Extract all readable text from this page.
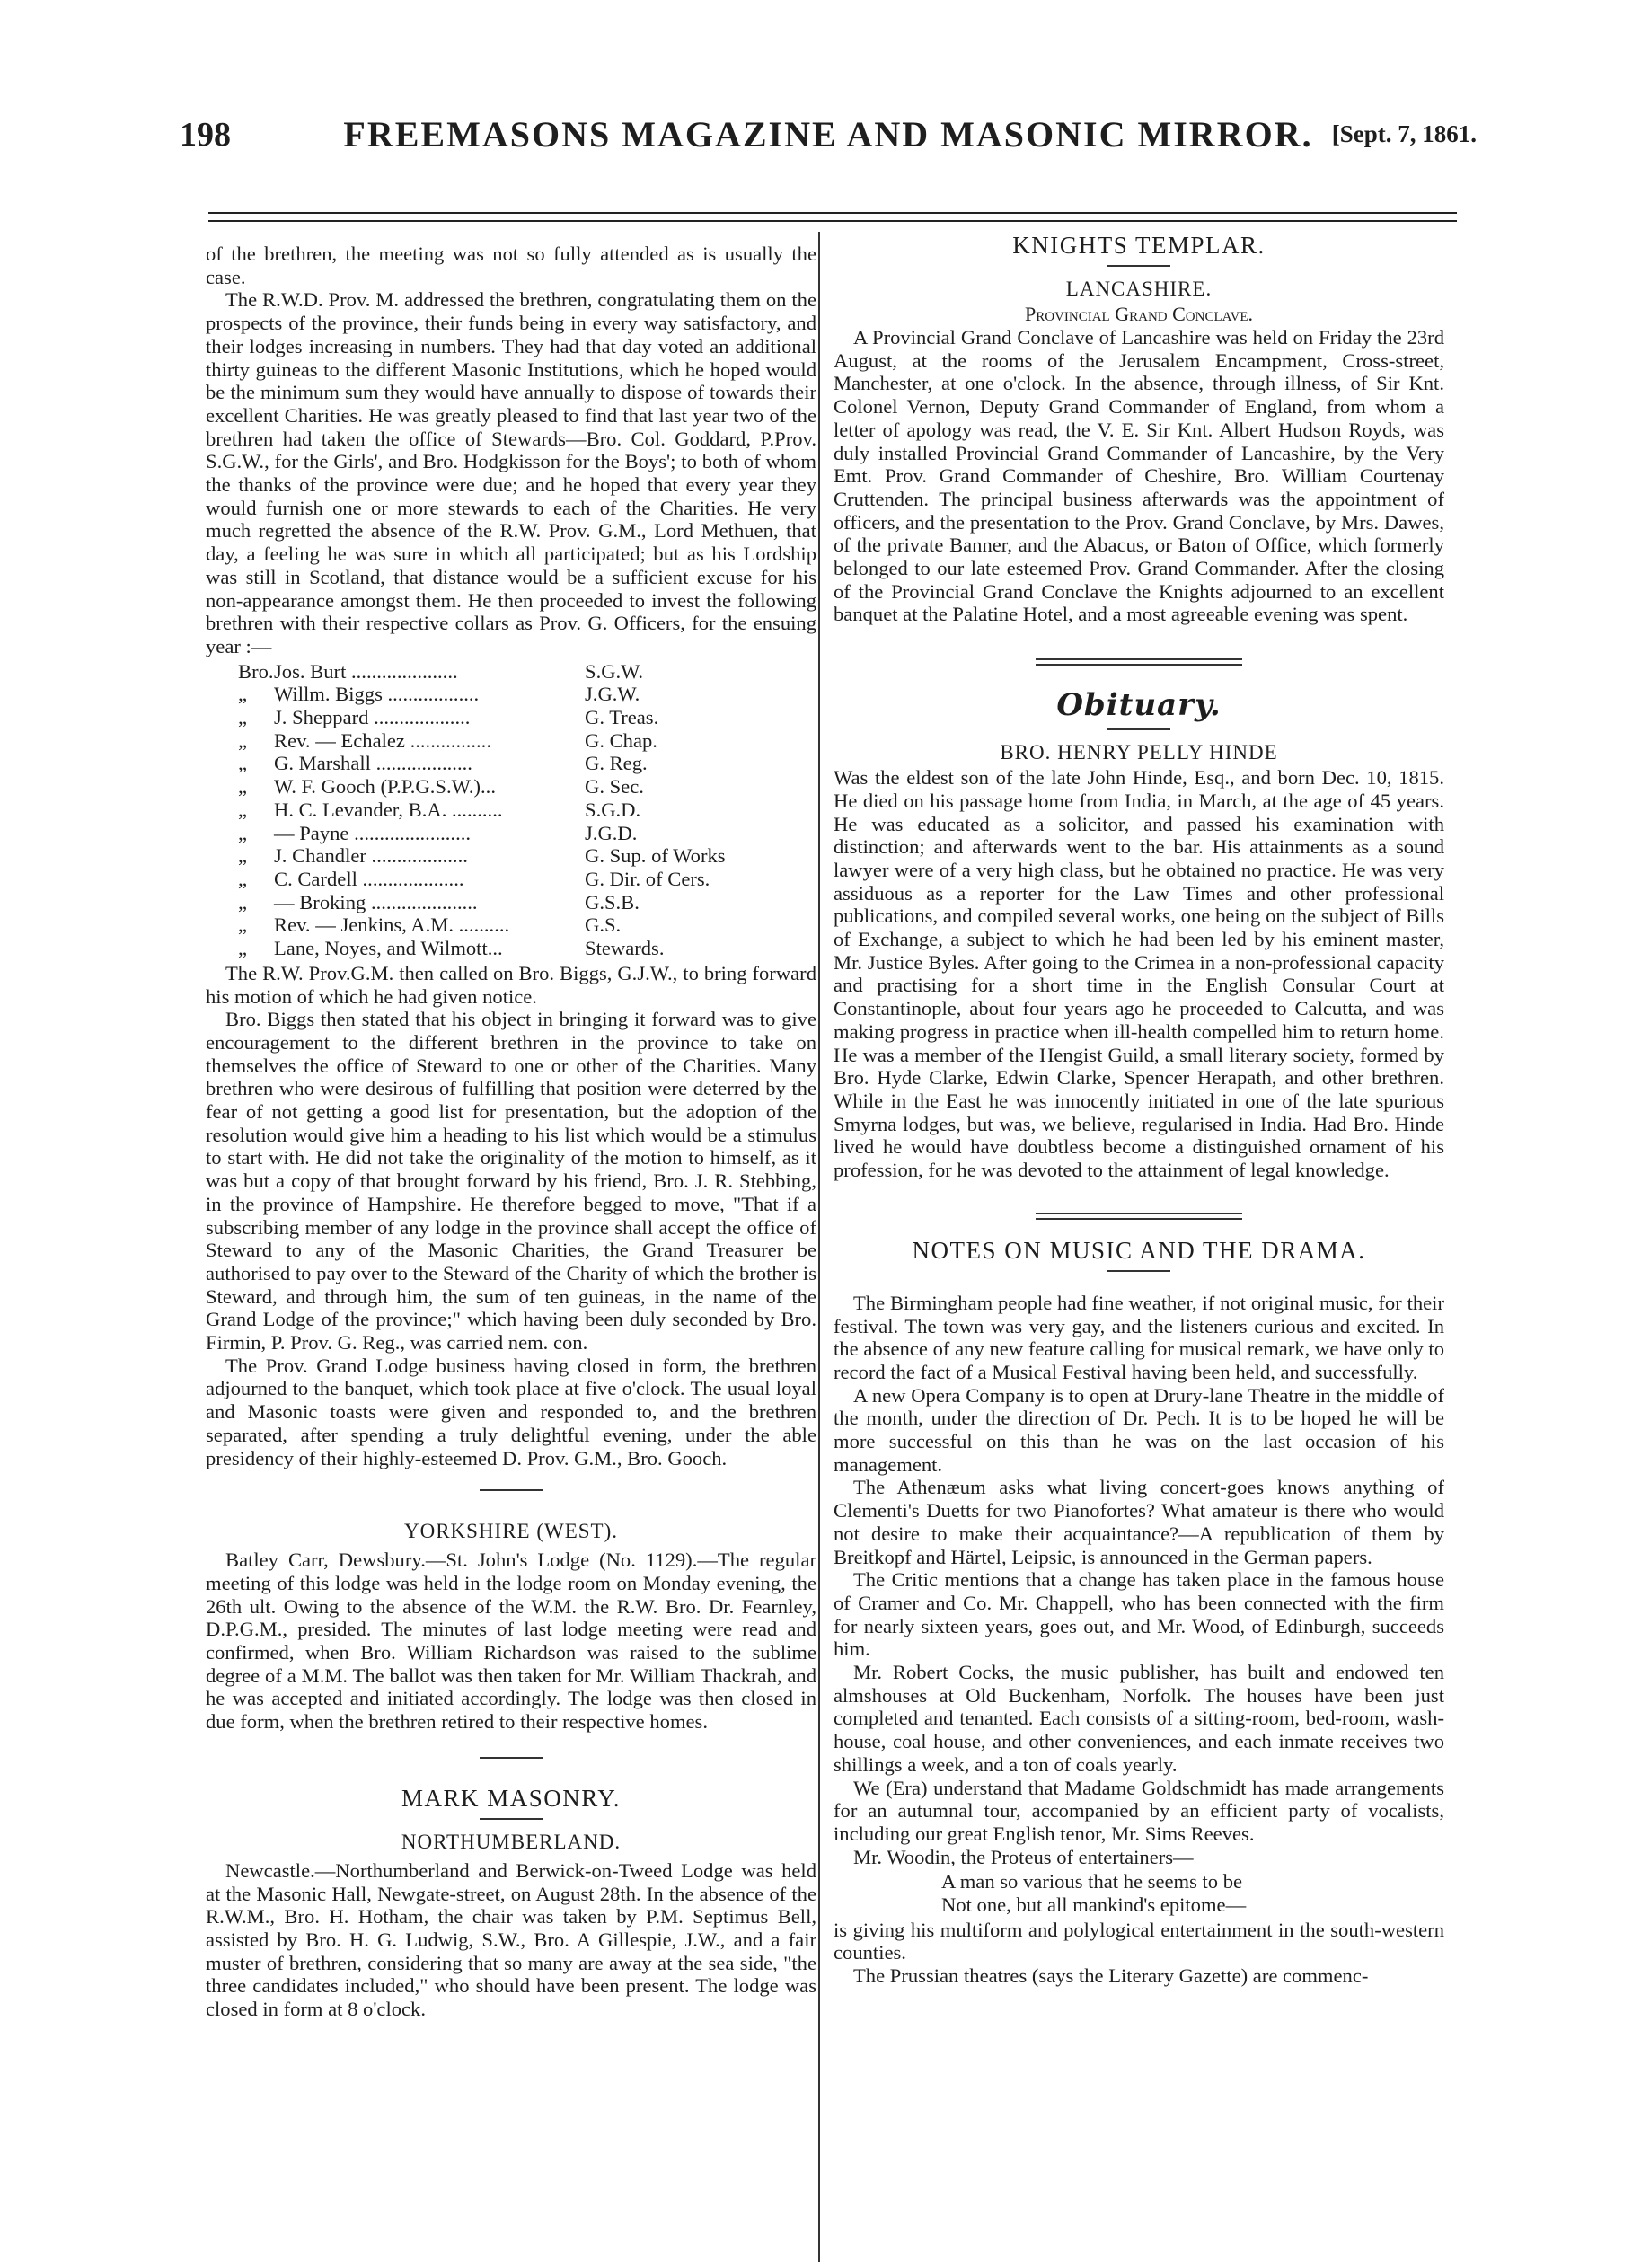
198	FREEMASONS MAGAZINE AND MASONIC MIRROR. [Sept. 7, 1861.

of the brethren, the meeting was not so fully attended as is usually the case.

The R.W.D. Prov. M. addressed the brethren, congratulating them on the prospects of the province, their funds being in every way satisfactory, and their lodges increasing in numbers. They had that day voted an additional thirty guineas to the different Masonic Institutions, which he hoped would be the minimum sum they would have annually to dispose of towards their excellent Charities. He was greatly pleased to find that last year two of the brethren had taken the office of Stewards—Bro. Col. Goddard, P.Prov. S.G.W., for the Girls', and Bro. Hodgkisson for the Boys'; to both of whom the thanks of the province were due; and he hoped that every year they would furnish one or more stewards to each of the Charities. He very much regretted the absence of the R.W. Prov. G.M., Lord Methuen, that day, a feeling he was sure in which all participated; but as his Lordship was still in Scotland, that distance would be a sufficient excuse for his non-appearance amongst them. He then proceeded to invest the following brethren with their respective collars as Prov. G. Officers, for the ensuing year :—

Bro.	Jos. Burt .....................	S.G.W.
„	Willm. Biggs ..................	J.G.W.
„	J. Sheppard ...................	G. Treas.
„	Rev. — Echalez ................	G. Chap.
„	G. Marshall ...................	G. Reg.
„	W. F. Gooch (P.P.G.S.W.)...	G. Sec.
„	H. C. Levander, B.A. ..........	S.G.D.
„	— Payne .......................	J.G.D.
„	J. Chandler ...................	G. Sup. of Works
„	C. Cardell ....................	G. Dir. of Cers.
„	— Broking .....................	G.S.B.
„	Rev. — Jenkins, A.M. ..........	G.S.
„	Lane, Noyes, and Wilmott...	Stewards.

The R.W. Prov.G.M. then called on Bro. Biggs, G.J.W., to bring forward his motion of which he had given notice.

Bro. Biggs then stated that his object in bringing it forward was to give encouragement to the different brethren in the province to take on themselves the office of Steward to one or other of the Charities. Many brethren who were desirous of fulfilling that position were deterred by the fear of not getting a good list for presentation, but the adoption of the resolution would give him a heading to his list which would be a stimulus to start with. He did not take the originality of the motion to himself, as it was but a copy of that brought forward by his friend, Bro. J. R. Stebbing, in the province of Hampshire. He therefore begged to move, "That if a subscribing member of any lodge in the province shall accept the office of Steward to any of the Masonic Charities, the Grand Treasurer be authorised to pay over to the Steward of the Charity of which the brother is Steward, and through him, the sum of ten guineas, in the name of the Grand Lodge of the province;" which having been duly seconded by Bro. Firmin, P. Prov. G. Reg., was carried nem. con.

The Prov. Grand Lodge business having closed in form, the brethren adjourned to the banquet, which took place at five o'clock. The usual loyal and Masonic toasts were given and responded to, and the brethren separated, after spending a truly delightful evening, under the able presidency of their highly-esteemed D. Prov. G.M., Bro. Gooch.

YORKSHIRE (WEST).

Batley Carr, Dewsbury.—St. John's Lodge (No. 1129).—The regular meeting of this lodge was held in the lodge room on Monday evening, the 26th ult. Owing to the absence of the W.M. the R.W. Bro. Dr. Fearnley, D.P.G.M., presided. The minutes of last lodge meeting were read and confirmed, when Bro. William Richardson was raised to the sublime degree of a M.M. The ballot was then taken for Mr. William Thackrah, and he was accepted and initiated accordingly. The lodge was then closed in due form, when the brethren retired to their respective homes.

MARK MASONRY.
NORTHUMBERLAND.

Newcastle.—Northumberland and Berwick-on-Tweed Lodge was held at the Masonic Hall, Newgate-street, on August 28th. In the absence of the R.W.M., Bro. H. Hotham, the chair was taken by P.M. Septimus Bell, assisted by Bro. H. G. Ludwig, S.W., Bro. A Gillespie, J.W., and a fair muster of brethren, considering that so many are away at the sea side, "the three candidates included," who should have been present. The lodge was closed in form at 8 o'clock.

KNIGHTS TEMPLAR.
LANCASHIRE.
Provincial Grand Conclave.

A Provincial Grand Conclave of Lancashire was held on Friday the 23rd August, at the rooms of the Jerusalem Encampment, Cross-street, Manchester, at one o'clock. In the absence, through illness, of Sir Knt. Colonel Vernon, Deputy Grand Commander of England, from whom a letter of apology was read, the V. E. Sir Knt. Albert Hudson Royds, was duly installed Provincial Grand Commander of Lancashire, by the Very Emt. Prov. Grand Commander of Cheshire, Bro. William Courtenay Cruttenden. The principal business afterwards was the appointment of officers, and the presentation to the Prov. Grand Conclave, by Mrs. Dawes, of the private Banner, and the Abacus, or Baton of Office, which formerly belonged to our late esteemed Prov. Grand Commander. After the closing of the Provincial Grand Conclave the Knights adjourned to an excellent banquet at the Palatine Hotel, and a most agreeable evening was spent.

Obituary.
BRO. HENRY PELLY HINDE

Was the eldest son of the late John Hinde, Esq., and born Dec. 10, 1815. He died on his passage home from India, in March, at the age of 45 years. He was educated as a solicitor, and passed his examination with distinction; and afterwards went to the bar. His attainments as a sound lawyer were of a very high class, but he obtained no practice. He was very assiduous as a reporter for the Law Times and other professional publications, and compiled several works, one being on the subject of Bills of Exchange, a subject to which he had been led by his eminent master, Mr. Justice Byles. After going to the Crimea in a non-professional capacity and practising for a short time in the English Consular Court at Constantinople, about four years ago he proceeded to Calcutta, and was making progress in practice when ill-health compelled him to return home. He was a member of the Hengist Guild, a small literary society, formed by Bro. Hyde Clarke, Edwin Clarke, Spencer Herapath, and other brethren. While in the East he was innocently initiated in one of the late spurious Smyrna lodges, but was, we believe, regularised in India. Had Bro. Hinde lived he would have doubtless become a distinguished ornament of his profession, for he was devoted to the attainment of legal knowledge.

NOTES ON MUSIC AND THE DRAMA.

The Birmingham people had fine weather, if not original music, for their festival. The town was very gay, and the listeners curious and excited. In the absence of any new feature calling for musical remark, we have only to record the fact of a Musical Festival having been held, and successfully.

A new Opera Company is to open at Drury-lane Theatre in the middle of the month, under the direction of Dr. Pech. It is to be hoped he will be more successful on this than he was on the last occasion of his management.

The Athenæum asks what living concert-goes knows anything of Clementi's Duetts for two Pianofortes? What amateur is there who would not desire to make their acquaintance?—A republication of them by Breitkopf and Härtel, Leipsic, is announced in the German papers.

The Critic mentions that a change has taken place in the famous house of Cramer and Co. Mr. Chappell, who has been connected with the firm for nearly sixteen years, goes out, and Mr. Wood, of Edinburgh, succeeds him.

Mr. Robert Cocks, the music publisher, has built and endowed ten almshouses at Old Buckenham, Norfolk. The houses have been just completed and tenanted. Each consists of a sitting-room, bed-room, wash-house, coal house, and other conveniences, and each inmate receives two shillings a week, and a ton of coals yearly.

We (Era) understand that Madame Goldschmidt has made arrangements for an autumnal tour, accompanied by an efficient party of vocalists, including our great English tenor, Mr. Sims Reeves.

Mr. Woodin, the Proteus of entertainers—

A man so various that he seems to be
Not one, but all mankind's epitome—

is giving his multiform and polylogical entertainment in the south-western counties.

The Prussian theatres (says the Literary Gazette) are commenc-
